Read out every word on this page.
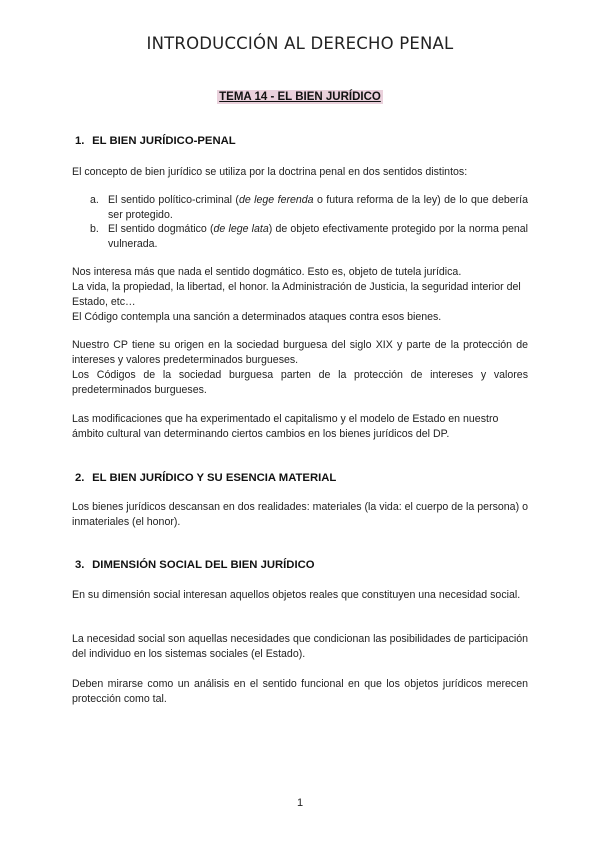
INTRODUCCIÓN AL DERECHO PENAL
TEMA 14 - EL BIEN JURÍDICO
1. EL BIEN JURÍDICO-PENAL
El concepto de bien jurídico se utiliza por la doctrina penal en dos sentidos distintos:
a. El sentido político-criminal (de lege ferenda o futura reforma de la ley) de lo que debería ser protegido.
b. El sentido dogmático (de lege lata) de objeto efectivamente protegido por la norma penal vulnerada.
Nos interesa más que nada el sentido dogmático. Esto es, objeto de tutela jurídica.
La vida, la propiedad, la libertad, el honor. la Administración de Justicia, la seguridad interior del Estado, etc…
El Código contempla una sanción a determinados ataques contra esos bienes.
Nuestro CP tiene su origen en la sociedad burguesa del siglo XIX y parte de la protección de intereses y valores predeterminados burgueses.
Los Códigos de la sociedad burguesa parten de la protección de intereses y valores predeterminados burgueses.
Las modificaciones que ha experimentado el capitalismo y el modelo de Estado en nuestro ámbito cultural van determinando ciertos cambios en los bienes jurídicos del DP.
2. EL BIEN JURÍDICO Y SU ESENCIA MATERIAL
Los bienes jurídicos descansan en dos realidades: materiales (la vida: el cuerpo de la persona) o inmateriales (el honor).
3. DIMENSIÓN SOCIAL DEL BIEN JURÍDICO
En su dimensión social interesan aquellos objetos reales que constituyen una necesidad social.
La necesidad social son aquellas necesidades que condicionan las posibilidades de participación del individuo en los sistemas sociales (el Estado).
Deben mirarse como un análisis en el sentido funcional en que los objetos jurídicos merecen protección como tal.
1
